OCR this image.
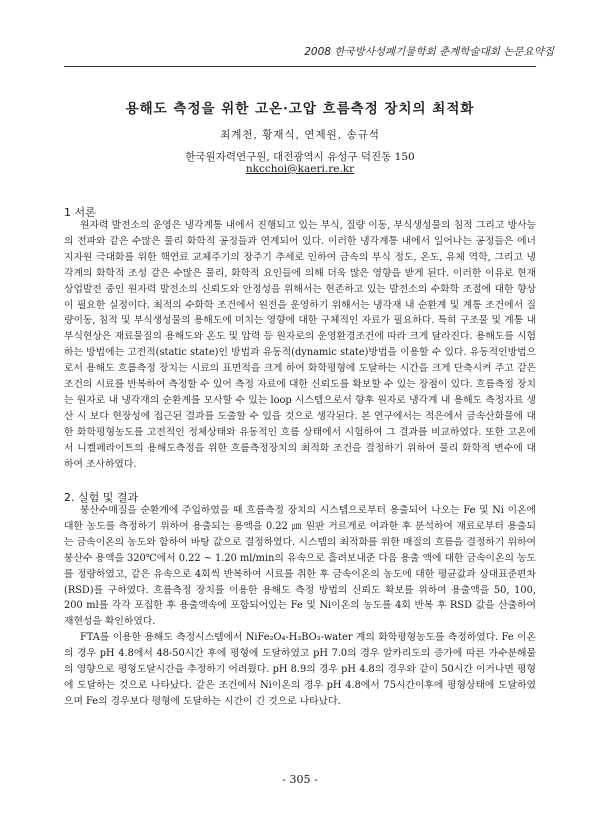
2008 한국방사성폐기물학회 춘계학술대회 논문요약집
용해도 측정을 위한 고온·고압 흐름측정 장치의 최적화
최계천, 황재식, 연제원, 송규석
한국원자력연구원, 대전광역시 유성구 덕진동 150
nkcchoi@kaeri.re.kr
1 서론

원자력 발전소의 운영은 냉각계통 내에서 진행되고 있는 부식, 질량 이동, 부식생성물의 침적 그리고 방사능의 전파와 같은 수많은 물리 화학적 공정들과 연계되어 있다. 이러한 냉각계통 내에서 일어나는 공정들은 에너지자원 극대화를 위한 핵연료 교체주기의 장주기 추세로 인하여 금속의 부식 정도, 온도, 유체 역학, 그리고 냉각계의 화학적 조성 같은 수많은 물리, 화학적 요인들에 의해 더욱 많은 영향을 받게 된다. 이러한 이유로 현재 상업발전 중인 원자력 발전소의 신뢰도와 안정성을 위해서는 현존하고 있는 발전소의 수화학 조절에 대한 향상이 필요한 실정이다. 최적의 수화학 조건에서 원전을 운영하기 위해서는 냉각재 내 순환계 및 계통 조건에서 질량이동, 침적 및 부식생성물의 용해도에 미치는 영향에 대한 구체적인 자료가 필요하다. 특히 구조물 및 계통 내 부식현상은 재료물질의 용해도와 온도 및 압력 등 원자로의 운영환경조건에 따라 크게 달라진다. 용해도를 시험하는 방법에는 고전적(static state)인 방법과 유동적(dynamic state)방법을 이용할 수 있다. 유동적인방법으로서 용해도 흐름측정 장치는 시료의 표면적을 크게 하여 화학평형에 도달하는 시간을 크게 단축시켜 주고 같은 조건의 시료를 반복하여 측정할 수 있어 측정 자료에 대한 신뢰도를 확보할 수 있는 장점이 있다. 흐름측정 장치는 원자로 내 냉각재의 순환계를 모사할 수 있는 loop 시스템으로서 향후 원자로 냉각계 내 용해도 측정자료 생산 시 보다 현장성에 접근된 결과를 도출할 수 있을 것으로 생각된다. 본 연구에서는 적은에서 금속산화물에 대한 화학평형농도를 고전적인 정체상태와 유동적인 흐름 상태에서 시험하여 그 결과를 비교하였다. 또한 고온에서 니켈페라이트의 용해도측정을 위한 흐름측정장치의 최적화 조건을 결정하기 위하여 물리 화학적 변수에 대하여 조사하였다.

2. 실험 및 결과

붕산수매질을 순환계에 주입하였을 때 흐름측정 장치의 시스템으로부터 용출되어 나오는 Fe 및 Ni 이온에 대한 농도를 측정하기 위하여 용출되는 용액을 0.22 ㎛ 원판 거르게로 여과한 후 분석하여 재료로부터 용출되는 금속이온의 농도와 함하여 바탕 값으로 결정하였다. 시스템의 최적화를 위한 매질의 흐름을 결정하기 위하여 붕산수 용액을 320℃에서 0.22 ~ 1.20 ml/min의 유속으로 흘려보내준 다음 용출 액에 대한 금속이온의 농도를 정량하였고, 같은 유속으로 4회씩 반복하여 시료를 취한 후 금속이온의 농도에 대한 평균값과 상대표준편차(RSD)를 구하였다. 흐름측정 장치를 이용한 용해도 측정 방법의 신뢰도 확보를 위하여 용출액을 50, 100, 200 ml를 각각 포집한 후 용출액속에 포함되어있는 Fe 및 Ni이온의 농도를 4회 반복 후 RSD 값을 산출하여 재현성을 확인하였다.

FTA를 이용한 용해도 측정시스템에서 NiFe₂O₄-H₃BO₃-water 계의 화학평형농도를 측정하였다. Fe 이온의 경우 pH 4.8에서 48-50시간 후에 평형에 도달하였고 pH 7.0의 경우 알카리도의 증가에 따른 가수분해물의 영향으로 평형도달시간을 추정하기 어려웠다. pH 8.9의 경우 pH 4.8의 경우와 같이 50시간 이거나면 평형에 도달하는 것으로 나타났다. 같은 조건에서 Ni이온의 경우 pH 4.8에서 75시간이후에 평형상태에 도달하였으며 Fe의 경우보다 평형에 도달하는 시간이 긴 것으로 나타났다.

- 305 -
